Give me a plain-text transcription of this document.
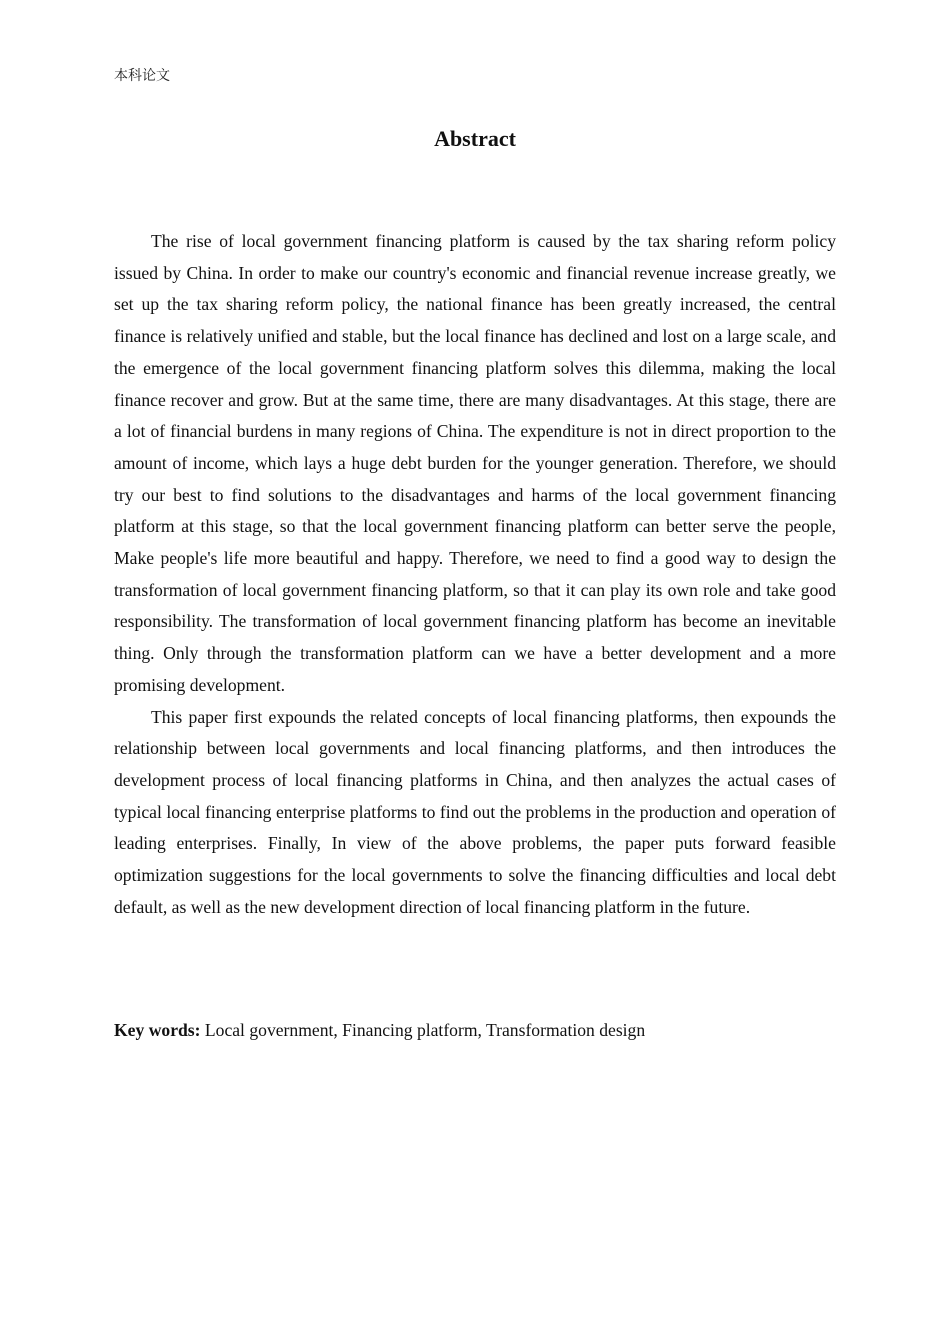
本科论文
Abstract

The rise of local government financing platform is caused by the tax sharing reform policy issued by China. In order to make our country's economic and financial revenue increase greatly, we set up the tax sharing reform policy, the national finance has been greatly increased, the central finance is relatively unified and stable, but the local finance has declined and lost on a large scale, and the emergence of the local government financing platform solves this dilemma, making the local finance recover and grow. But at the same time, there are many disadvantages. At this stage, there are a lot of financial burdens in many regions of China. The expenditure is not in direct proportion to the amount of income, which lays a huge debt burden for the younger generation. Therefore, we should try our best to find solutions to the disadvantages and harms of the local government financing platform at this stage, so that the local government financing platform can better serve the people, Make people's life more beautiful and happy. Therefore, we need to find a good way to design the transformation of local government financing platform, so that it can play its own role and take good responsibility. The transformation of local government financing platform has become an inevitable thing. Only through the transformation platform can we have a better development and a more promising development.

This paper first expounds the related concepts of local financing platforms, then expounds the relationship between local governments and local financing platforms, and then introduces the development process of local financing platforms in China, and then analyzes the actual cases of typical local financing enterprise platforms to find out the problems in the production and operation of leading enterprises. Finally, In view of the above problems, the paper puts forward feasible optimization suggestions for the local governments to solve the financing difficulties and local debt default, as well as the new development direction of local financing platform in the future.

Key words: Local government, Financing platform, Transformation design
